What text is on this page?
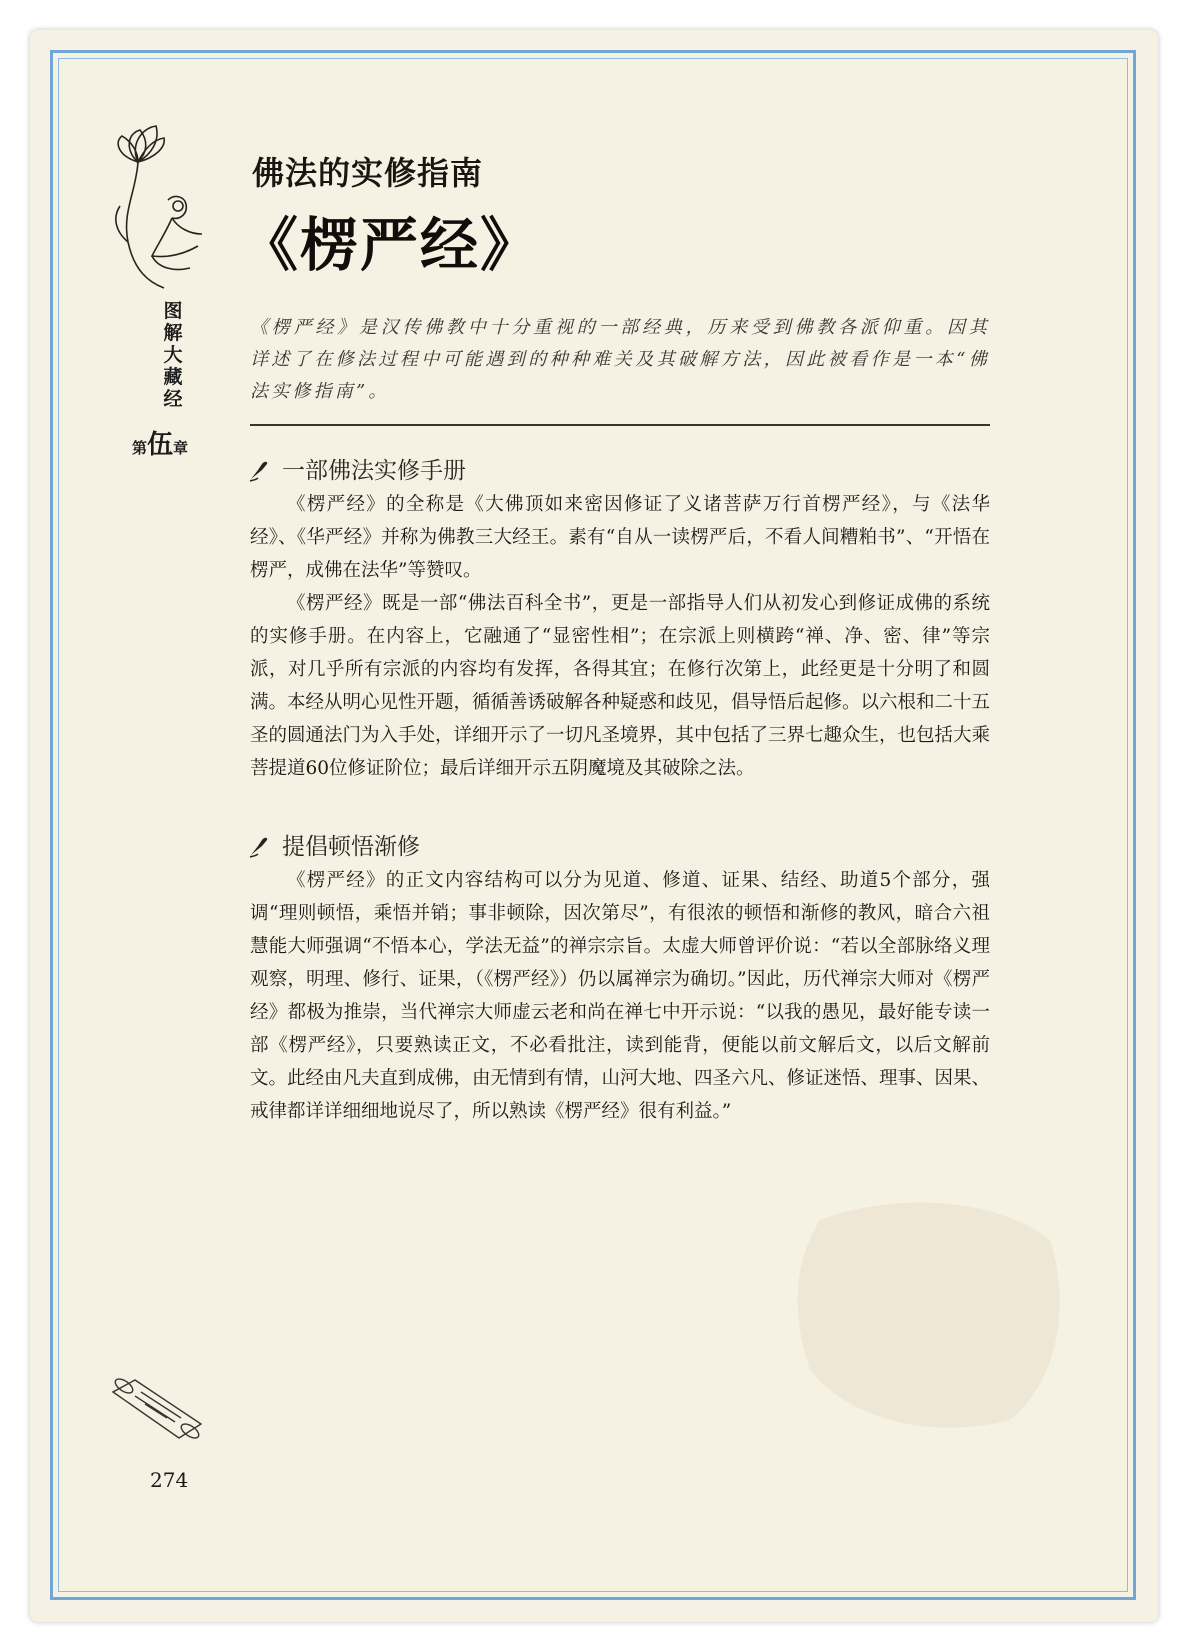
图
解
大
藏
经
第伍章
佛法的实修指南
《楞严经》
《楞严经》是汉传佛教中十分重视的一部经典，历来受到佛教各派仰重。因其详述了在修法过程中可能遇到的种种难关及其破解方法，因此被看作是一本“佛法实修指南”。
一部佛法实修手册

《楞严经》的全称是《大佛顶如来密因修证了义诸菩萨万行首楞严经》，与《法华经》、《华严经》并称为佛教三大经王。素有“自从一读楞严后，不看人间糟粕书”、“开悟在楞严，成佛在法华”等赞叹。

《楞严经》既是一部“佛法百科全书”，更是一部指导人们从初发心到修证成佛的系统的实修手册。在内容上，它融通了“显密性相”；在宗派上则横跨“禅、净、密、律”等宗派，对几乎所有宗派的内容均有发挥，各得其宜；在修行次第上，此经更是十分明了和圆满。本经从明心见性开题，循循善诱破解各种疑惑和歧见，倡导悟后起修。以六根和二十五圣的圆通法门为入手处，详细开示了一切凡圣境界，其中包括了三界七趣众生，也包括大乘菩提道60位修证阶位；最后详细开示五阴魔境及其破除之法。

提倡顿悟渐修

《楞严经》的正文内容结构可以分为见道、修道、证果、结经、助道5个部分，强调“理则顿悟，乘悟并销；事非顿除，因次第尽”，有很浓的顿悟和渐修的教风，暗合六祖慧能大师强调“不悟本心，学法无益”的禅宗宗旨。太虚大师曾评价说：“若以全部脉络义理观察，明理、修行、证果，（《楞严经》）仍以属禅宗为确切。”因此，历代禅宗大师对《楞严经》都极为推崇，当代禅宗大师虚云老和尚在禅七中开示说：“以我的愚见，最好能专读一部《楞严经》，只要熟读正文，不必看批注，读到能背，便能以前文解后文，以后文解前文。此经由凡夫直到成佛，由无情到有情，山河大地、四圣六凡、修证迷悟、理事、因果、戒律都详详细细地说尽了，所以熟读《楞严经》很有利益。”

274
